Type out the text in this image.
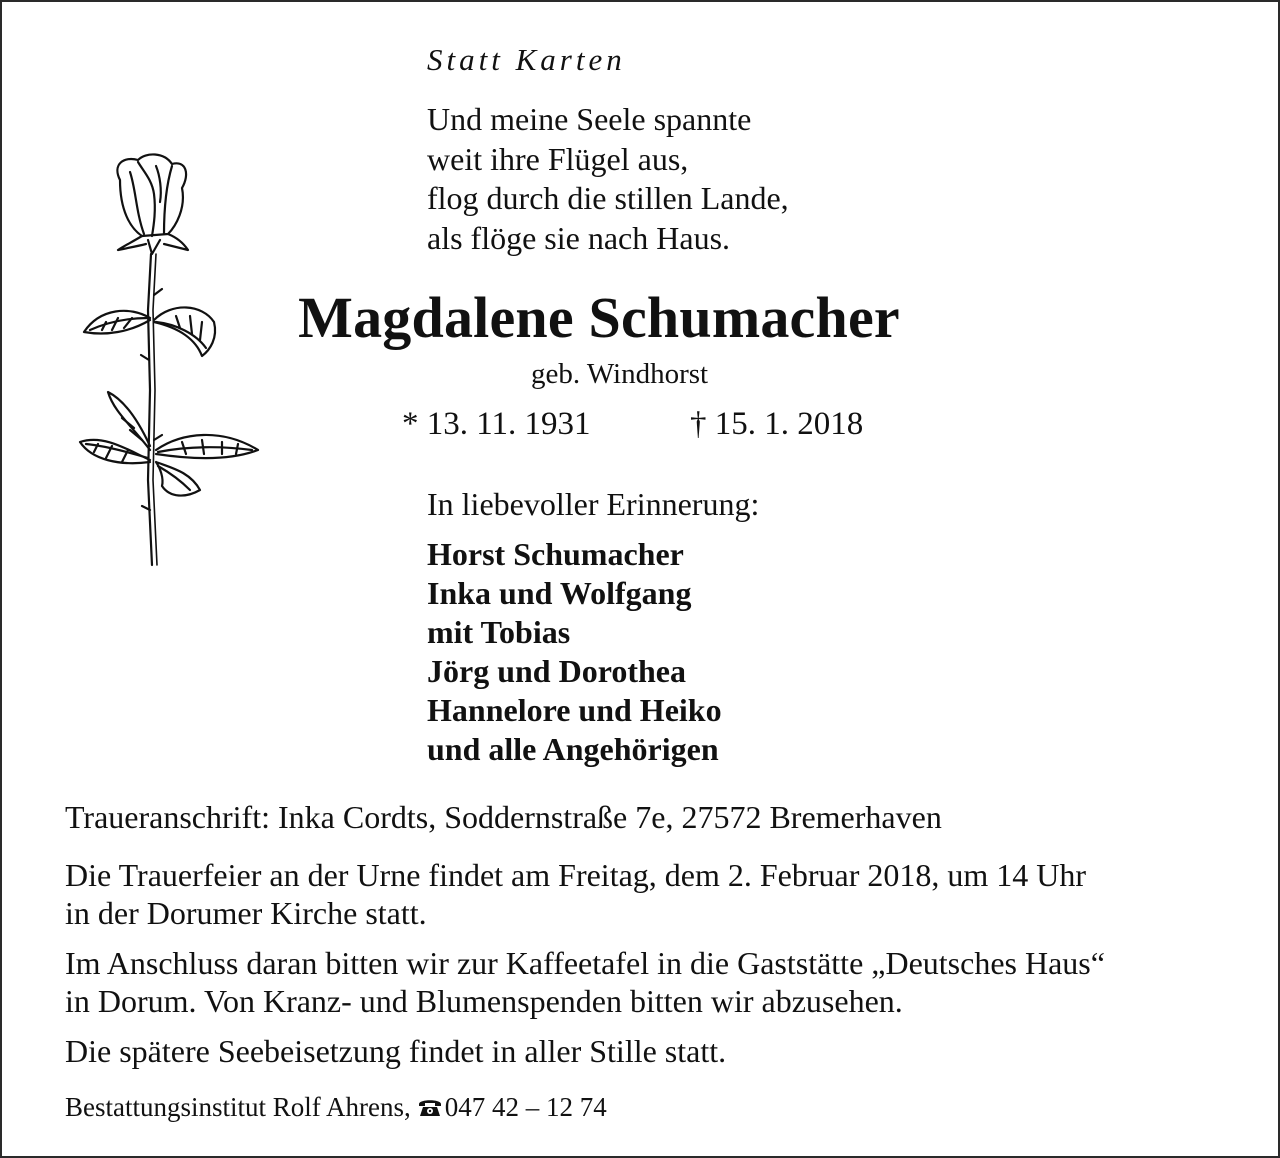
Statt Karten
Und meine Seele spannte
weit ihre Flügel aus,
flog durch die stillen Lande,
als flöge sie nach Haus.
Magdalene Schumacher
geb. Windhorst
* 13. 11. 1931	† 15. 1. 2018
In liebevoller Erinnerung:
Horst Schumacher
Inka und Wolfgang
mit Tobias
Jörg und Dorothea
Hannelore und Heiko
und alle Angehörigen
Traueranschrift: Inka Cordts, Soddernstraße 7e, 27572 Bremerhaven
Die Trauerfeier an der Urne findet am Freitag, dem 2. Februar 2018, um 14 Uhr
in der Dorumer Kirche statt.
Im Anschluss daran bitten wir zur Kaffeetafel in die Gaststätte „Deutsches Haus“
in Dorum. Von Kranz- und Blumenspenden bitten wir abzusehen.
Die spätere Seebeisetzung findet in aller Stille statt.
Bestattungsinstitut Rolf Ahrens, 047 42 – 12 74
